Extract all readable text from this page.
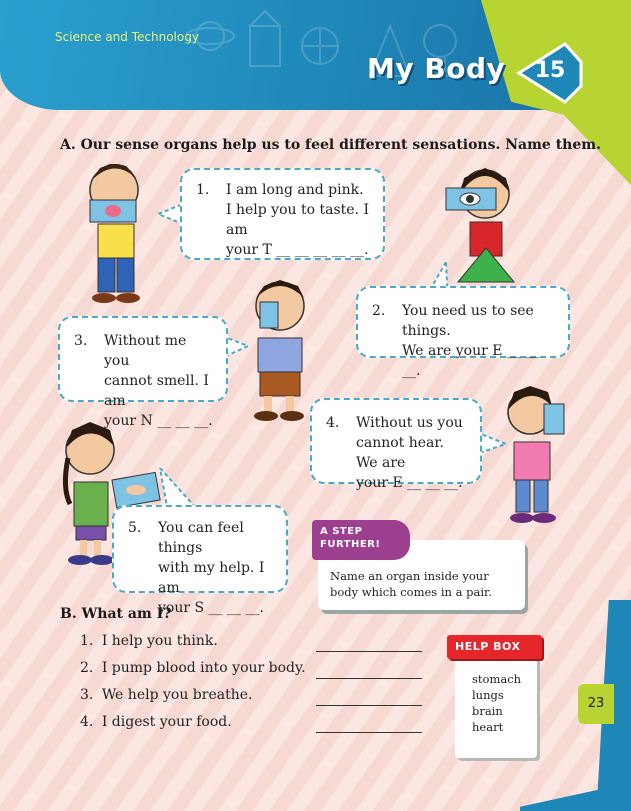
Science and Technology
My Body	15
A. Our sense organs help us to feel different sensations. Name them.
1. I am long and pink.
I help you to taste. I am
your T __ __ __ __ __.
2. You need us to see things.
We are your E __ __ __.
3. Without me you
cannot smell. I am
your N __ __ __.	4. Without us you
cannot hear. We are
your E __ __ __.
5. You can feel things
with my help. I am
your S __ __ __.
A STEP
FURTHER!
Name an organ inside your body which comes in a pair.
B. What am I?
1. I help you think.
2. I pump blood into your body.
3. We help you breathe.
4. I digest your food.
HELP BOX
stomach
lungs
brain
heart
23
